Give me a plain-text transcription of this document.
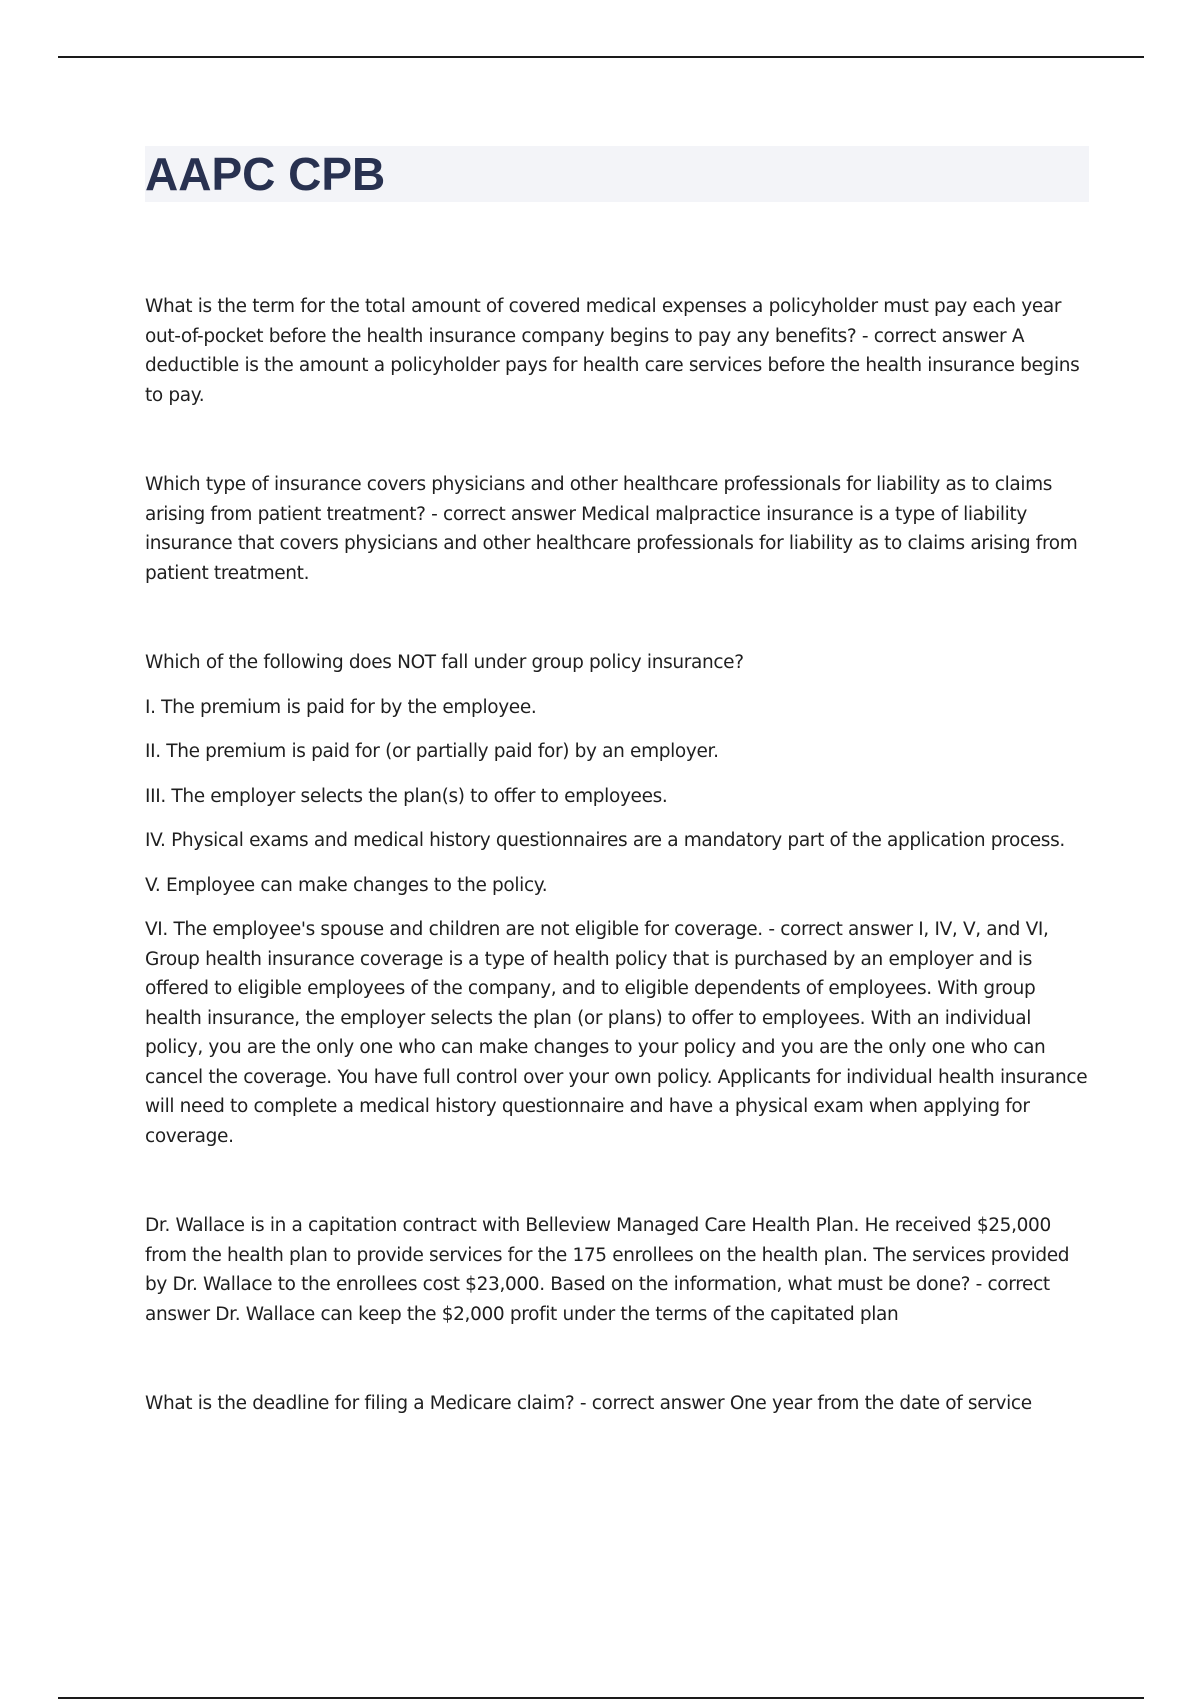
AAPC CPB

What is the term for the total amount of covered medical expenses a policyholder must pay each year out-of-pocket before the health insurance company begins to pay any benefits? - correct answer A deductible is the amount a policyholder pays for health care services before the health insurance begins to pay.

Which type of insurance covers physicians and other healthcare professionals for liability as to claims arising from patient treatment? - correct answer Medical malpractice insurance is a type of liability insurance that covers physicians and other healthcare professionals for liability as to claims arising from patient treatment.

Which of the following does NOT fall under group policy insurance?

I. The premium is paid for by the employee.

II. The premium is paid for (or partially paid for) by an employer.

III. The employer selects the plan(s) to offer to employees.

IV. Physical exams and medical history questionnaires are a mandatory part of the application process.

V. Employee can make changes to the policy.

VI. The employee's spouse and children are not eligible for coverage. - correct answer I, IV, V, and VI, Group health insurance coverage is a type of health policy that is purchased by an employer and is offered to eligible employees of the company, and to eligible dependents of employees. With group health insurance, the employer selects the plan (or plans) to offer to employees. With an individual policy, you are the only one who can make changes to your policy and you are the only one who can cancel the coverage. You have full control over your own policy. Applicants for individual health insurance will need to complete a medical history questionnaire and have a physical exam when applying for coverage.

Dr. Wallace is in a capitation contract with Belleview Managed Care Health Plan. He received $25,000 from the health plan to provide services for the 175 enrollees on the health plan. The services provided by Dr. Wallace to the enrollees cost $23,000. Based on the information, what must be done? - correct answer Dr. Wallace can keep the $2,000 profit under the terms of the capitated plan

What is the deadline for filing a Medicare claim? - correct answer One year from the date of service
